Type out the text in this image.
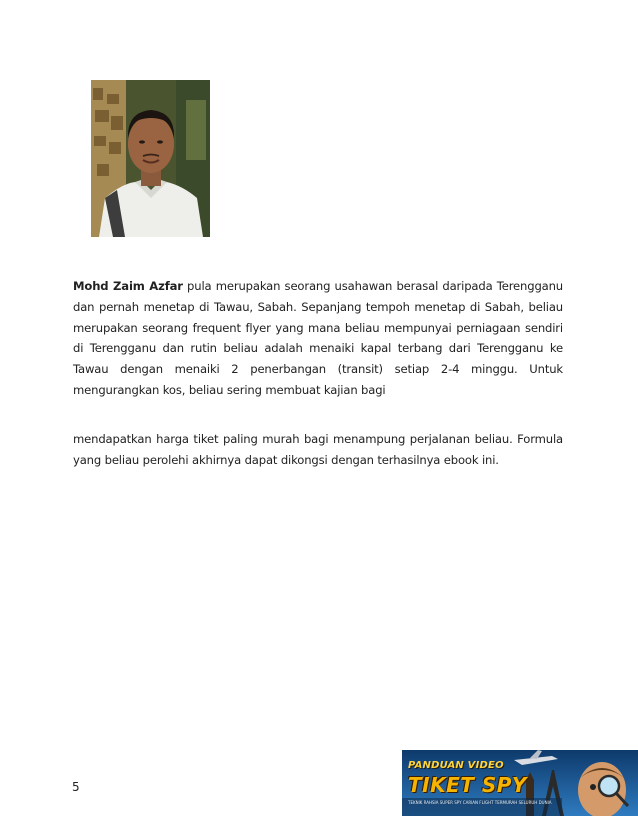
Mohd Zaim Azfar pula merupakan seorang usahawan berasal daripada Terengganu dan pernah menetap di Tawau, Sabah. Sepanjang tempoh menetap di Sabah, beliau merupakan seorang frequent flyer yang mana beliau mempunyai perniagaan sendiri di Terengganu dan rutin beliau adalah menaiki kapal terbang dari Terengganu ke Tawau dengan menaiki 2 penerbangan (transit) setiap 2-4 minggu. Untuk mengurangkan kos, beliau sering membuat kajian bagi
mendapatkan harga tiket paling murah bagi menampung perjalanan beliau. Formula yang beliau perolehi akhirnya dapat dikongsi dengan terhasilnya ebook ini.
5
PANDUAN VIDEO
TIKET SPY
TEKNIK RAHSIA SUPER SPY CARIAN FLIGHT TERMURAH SELURUH DUNIA
